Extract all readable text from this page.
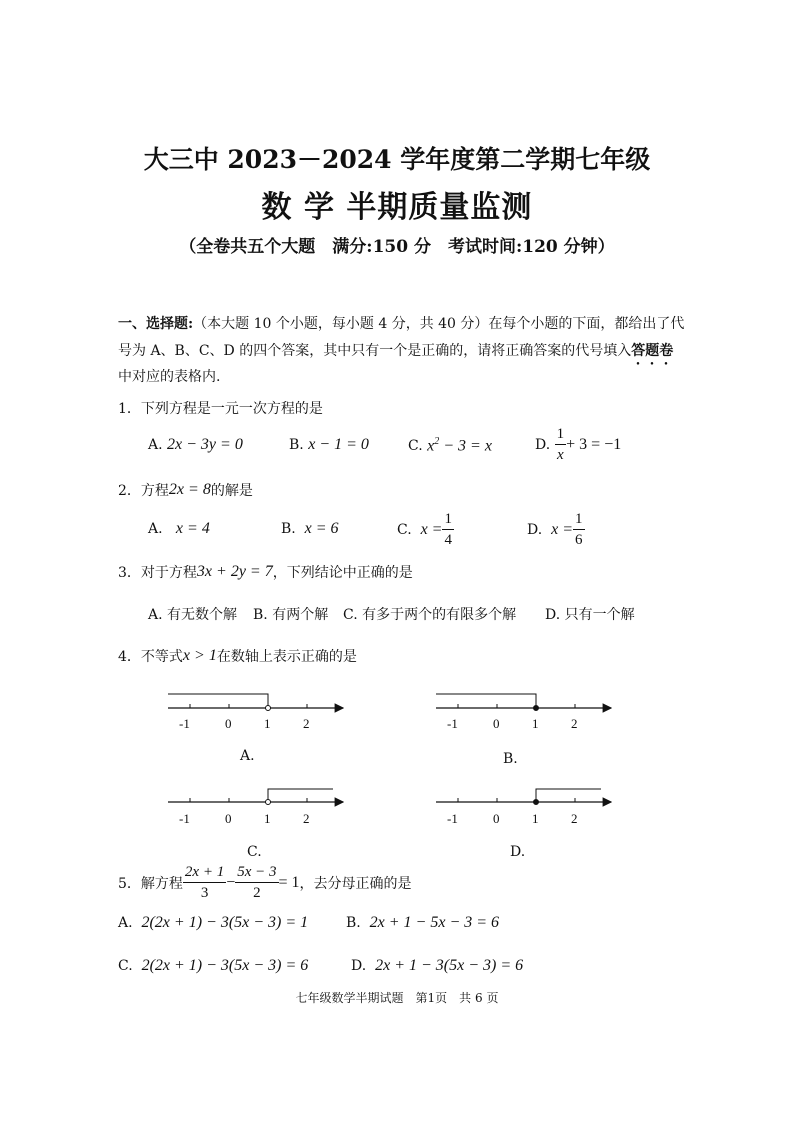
大三中 2023－2024 学年度第二学期七年级
数 学 半期质量监测
（全卷共五个大题　满分:150 分　考试时间:120 分钟）
一、选择题:（本大题 10 个小题，每小题 4 分，共 40 分）在每个小题的下面，都给出了代
号为 A、B、C、D 的四个答案，其中只有一个是正确的，请将正确答案的代号填入答题卷
中对应的表格内.
1．下列方程是一元一次方程的是
A.
2x − 3y = 0	B.
x − 1 = 0	C.
$x^2 - 3 = x$	D.
$\frac{1}{x} + 3 = -1$
2．方程 2x = 8 的解是
A.
x = 4	B.
x = 6	C.
$x = \frac{1}{4}$	D.
$x = \frac{1}{6}$
3．对于方程 3x + 2y = 7 ，下列结论中正确的是
A. 有无数个解 B. 有两个解 C. 有多于两个的有限多个解 D. 只有一个解
4．不等式 x > 1 在数轴上表示正确的是
-1	0	1	2	-1	0	1	2
-1	0	1	2	-1	0	1	2
A.	B.
C.	D.
5．解方程 $\frac{2x + 1}{3} - \frac{5x - 3}{2} = 1$ ，去分母正确的是
A.
2(2x + 1) − 3(5x − 3) = 1	B.
2x + 1 − 5x − 3 = 6
C.
2(2x + 1) − 3(5x − 3) = 6	D.
2x + 1 − 3(5x − 3) = 6
七年级数学半期试题　第1页　共 6 页
